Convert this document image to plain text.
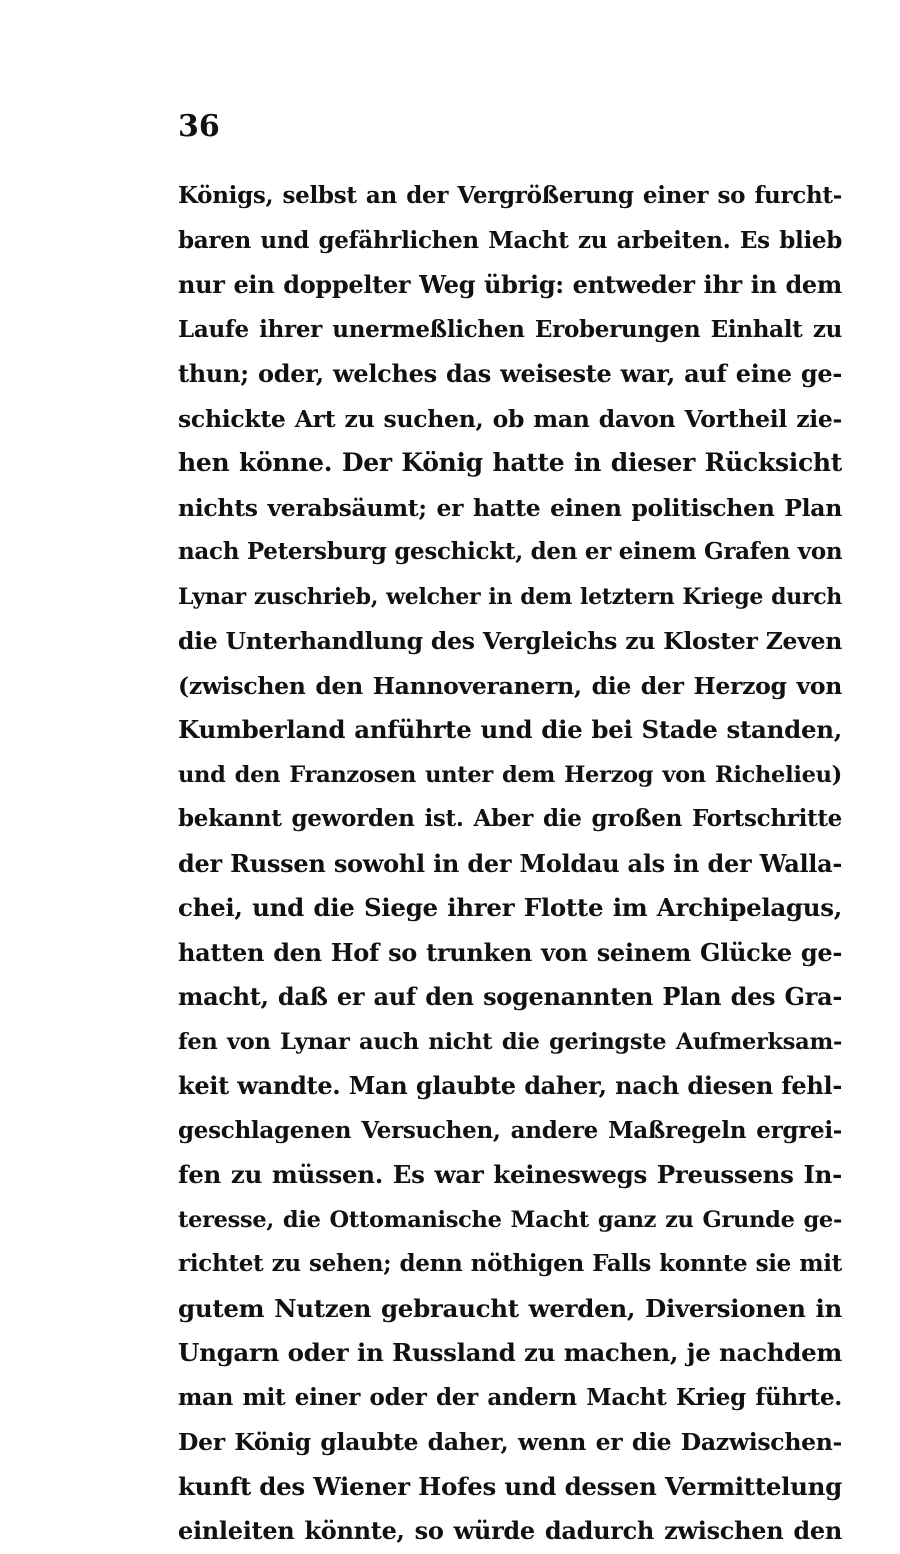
36
Königs, selbst an der Vergrößerung einer so furcht-
baren und gefährlichen Macht zu arbeiten. Es blieb
nur ein doppelter Weg übrig: entweder ihr in dem
Laufe ihrer unermeßlichen Eroberungen Einhalt zu
thun; oder, welches das weiseste war, auf eine ge-
schickte Art zu suchen, ob man davon Vortheil zie-
hen könne. Der König hatte in dieser Rücksicht
nichts verabsäumt; er hatte einen politischen Plan
nach Petersburg geschickt, den er einem Grafen von
Lynar zuschrieb, welcher in dem letztern Kriege durch
die Unterhandlung des Vergleichs zu Kloster Zeven
(zwischen den Hannoveranern, die der Herzog von
Kumberland anführte und die bei Stade standen,
und den Franzosen unter dem Herzog von Richelieu)
bekannt geworden ist. Aber die großen Fortschritte
der Russen sowohl in der Moldau als in der Walla-
chei, und die Siege ihrer Flotte im Archipelagus,
hatten den Hof so trunken von seinem Glücke ge-
macht, daß er auf den sogenannten Plan des Gra-
fen von Lynar auch nicht die geringste Aufmerksam-
keit wandte. Man glaubte daher, nach diesen fehl-
geschlagenen Versuchen, andere Maßregeln ergrei-
fen zu müssen. Es war keineswegs Preussens In-
teresse, die Ottomanische Macht ganz zu Grunde ge-
richtet zu sehen; denn nöthigen Falls konnte sie mit
gutem Nutzen gebraucht werden, Diversionen in
Ungarn oder in Russland zu machen, je nachdem
man mit einer oder der andern Macht Krieg führte.
Der König glaubte daher, wenn er die Dazwischen-
kunft des Wiener Hofes und dessen Vermittelung
einleiten könnte, so würde dadurch zwischen den
